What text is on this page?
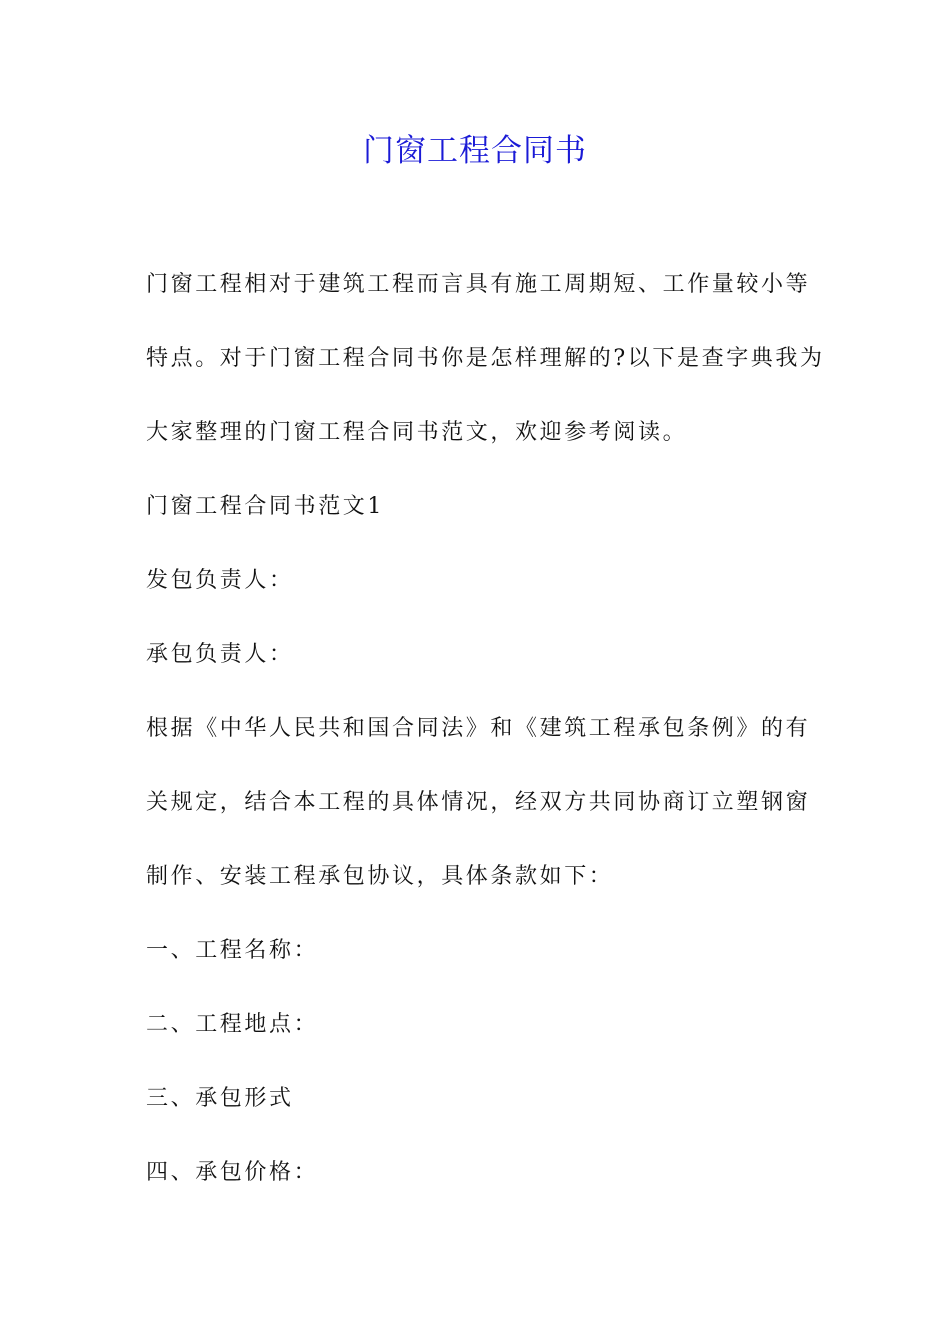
门窗工程合同书
门窗工程相对于建筑工程而言具有施工周期短、工作量较小等
特点。对于门窗工程合同书你是怎样理解的?以下是查字典我为
大家整理的门窗工程合同书范文，欢迎参考阅读。

门窗工程合同书范文1

发包负责人：

承包负责人：

根据《中华人民共和国合同法》和《建筑工程承包条例》的有
关规定，结合本工程的具体情况，经双方共同协商订立塑钢窗
制作、安装工程承包协议，具体条款如下：

一、工程名称：

二、工程地点：

三、承包形式

四、承包价格：
